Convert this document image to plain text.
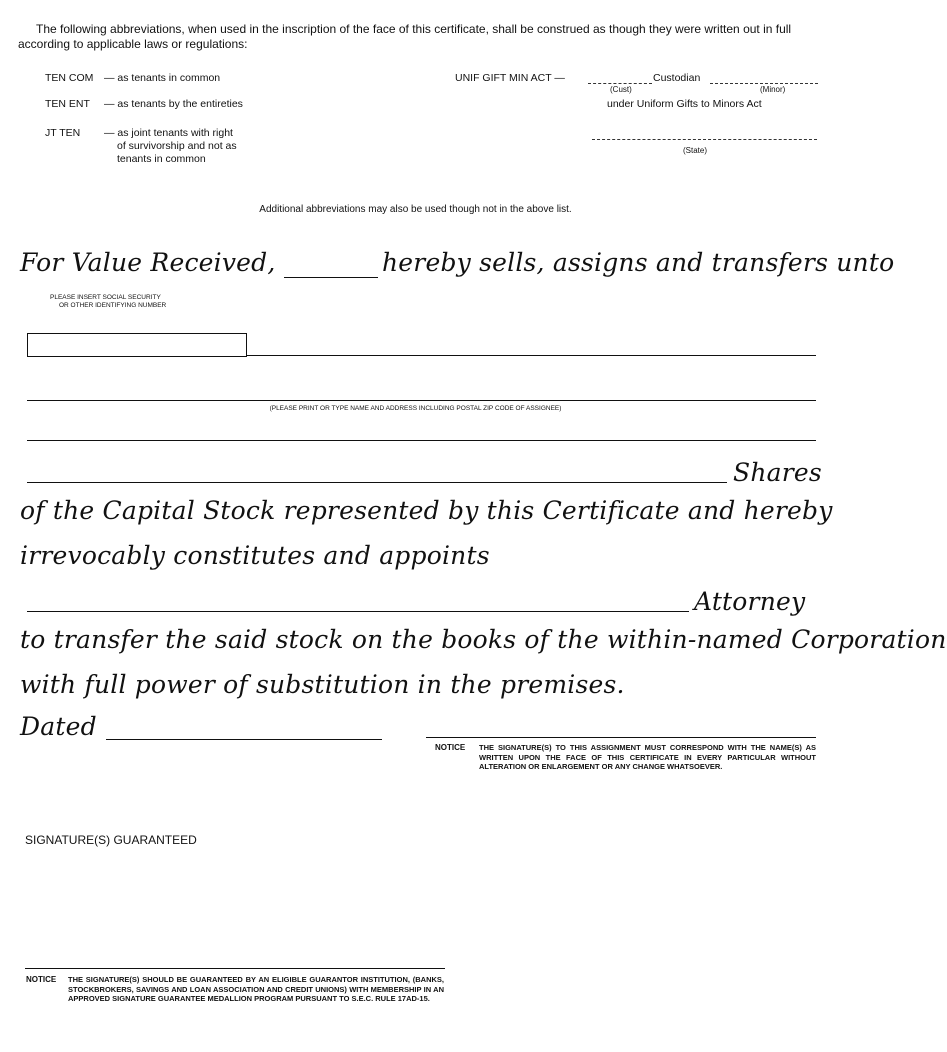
The following abbreviations, when used in the inscription of the face of this certificate, shall be construed as though they were written out in full according to applicable laws or regulations:
TEN COM — as tenants in common
TEN ENT — as tenants by the entireties
JT TEN — as joint tenants with right
of survivorship and not as
tenants in common
UNIF GIFT MIN ACT —	Custodian
(Cust)	(Minor)
under Uniform Gifts to Minors Act
(State)
Additional abbreviations may also be used though not in the above list.
For Value Received,	hereby sells, assigns and transfers unto
PLEASE INSERT SOCIAL SECURITY
OR OTHER IDENTIFYING NUMBER
(PLEASE PRINT OR TYPE NAME AND ADDRESS INCLUDING POSTAL ZIP CODE OF ASSIGNEE)
Shares
of the Capital Stock represented by this Certificate and hereby
irrevocably constitutes and appoints
Attorney
to transfer the said stock on the books of the within-named Corporation
with full power of substitution in the premises.
Dated
NOTICE THE SIGNATURE(S) TO THIS ASSIGNMENT MUST CORRESPOND WITH THE NAME(S) AS WRITTEN UPON THE FACE OF THIS CERTIFICATE IN EVERY PARTICULAR WITHOUT ALTERATION OR ENLARGEMENT OR ANY CHANGE WHATSOEVER.
SIGNATURE(S) GUARANTEED
NOTICE THE SIGNATURE(S) SHOULD BE GUARANTEED BY AN ELIGIBLE GUARANTOR INSTITUTION, (BANKS, STOCKBROKERS, SAVINGS AND LOAN ASSOCIATION AND CREDIT UNIONS) WITH MEMBERSHIP IN AN APPROVED SIGNATURE GUARANTEE MEDALLION PROGRAM PURSUANT TO S.E.C. RULE 17AD-15.
